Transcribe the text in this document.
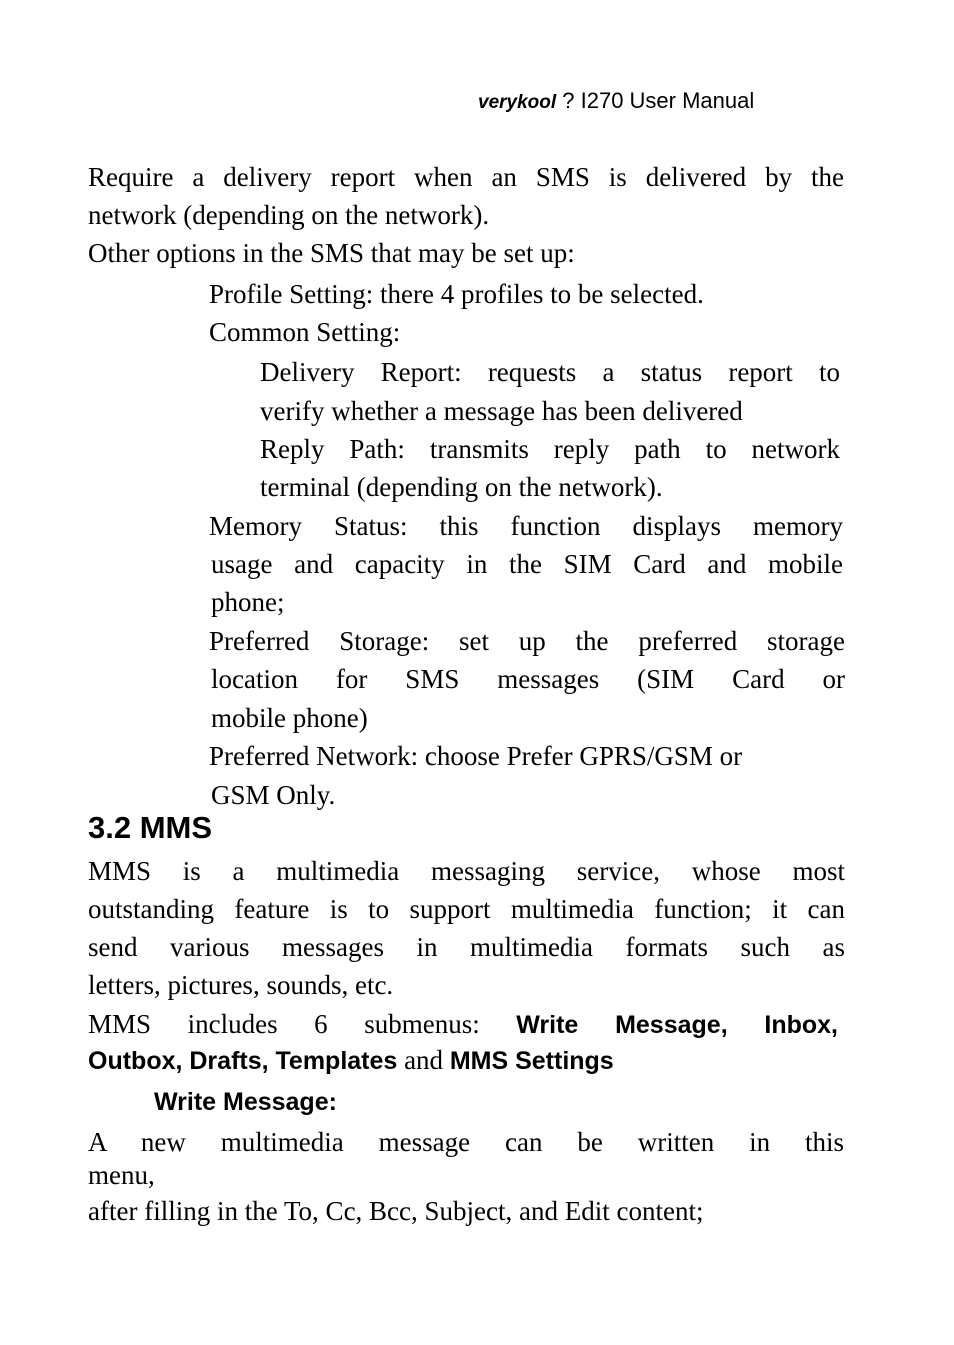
verykool ? I270 User Manual
Require a delivery report when an SMS is delivered by the
network (depending on the network).
Other options in the SMS that may be set up:
Profile Setting: there 4 profiles to be selected.
Common Setting:
Delivery Report: requests a status report to
verify whether a message has been delivered
Reply Path: transmits reply path to network
terminal (depending on the network).
Memory Status: this function displays memory
usage and capacity in the SIM Card and mobile
phone;
Preferred Storage: set up the preferred storage
location for SMS messages (SIM Card or
mobile phone)
Preferred Network: choose Prefer GPRS/GSM or
GSM Only.
3.2 MMS
MMS is a multimedia messaging service, whose most
outstanding feature is to support multimedia function; it can
send various messages in multimedia formats such as
letters, pictures, sounds, etc.
MMS includes 6 submenus: Write Message, Inbox,
Outbox, Drafts, Templates and MMS Settings
Write Message:
A new multimedia message can be written in this
menu,
after filling in the To, Cc, Bcc, Subject, and Edit content;
